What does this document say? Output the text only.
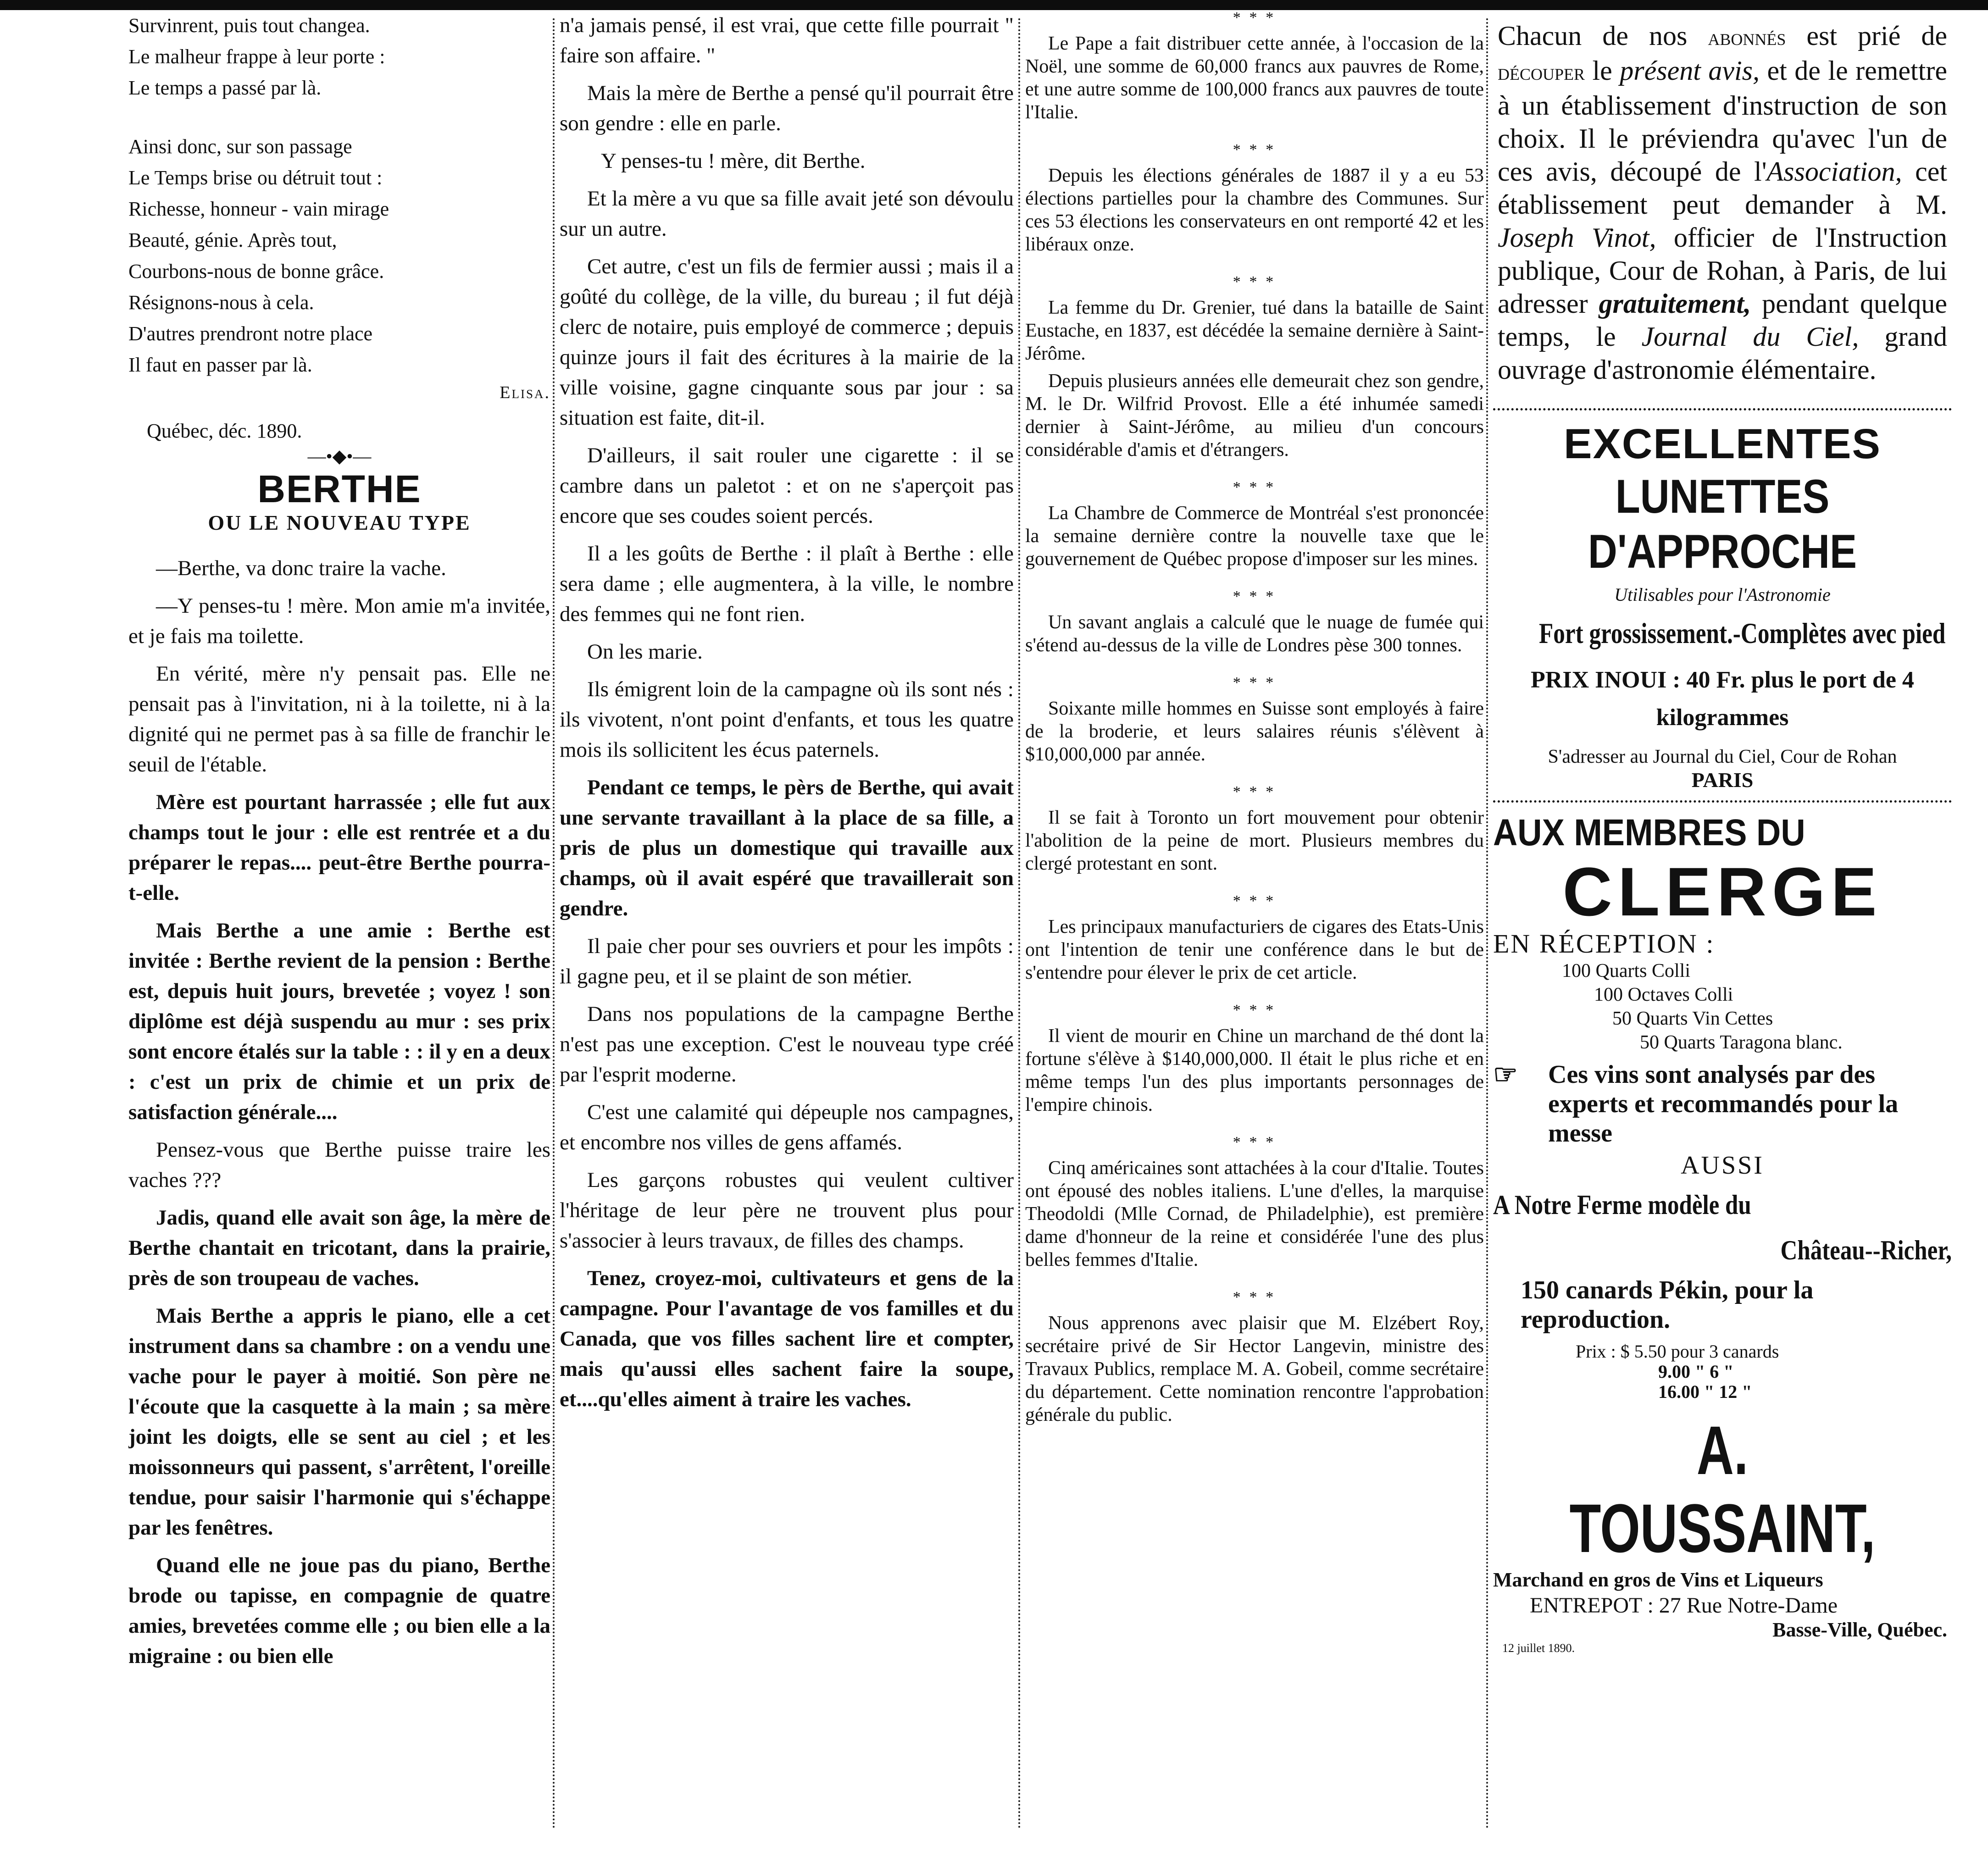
Survinrent, puis tout changea.
Le malheur frappe à leur porte :
Le temps a passé par là.
Ainsi donc, sur son passage
Le Temps brise ou détruit tout :
Richesse, honneur - vain mirage
Beauté, génie. Après tout,
Courbons-nous de bonne grâce.
Résignons-nous à cela.
D'autres prendront notre place
Il faut en passer par là.
Elisa.
Québec, déc. 1890.
—•◆•—
BERTHE
OU LE NOUVEAU TYPE

—Berthe, va donc traire la vache.

—Y penses-tu ! mère. Mon amie m'a invitée, et je fais ma toilette.

En vérité, mère n'y pensait pas. Elle ne pensait pas à l'invitation, ni à la toilette, ni à la dignité qui ne permet pas à sa fille de franchir le seuil de l'étable.

Mère est pourtant harrassée ; elle fut aux champs tout le jour : elle est rentrée et a du préparer le repas.... peut-être Berthe pourra-t-elle.

Mais Berthe a une amie : Berthe est invitée : Berthe revient de la pension : Berthe est, depuis huit jours, brevetée ; voyez ! son diplôme est déjà suspendu au mur : ses prix sont encore étalés sur la table : : il y en a deux : c'est un prix de chimie et un prix de satisfaction générale....

Pensez-vous que Berthe puisse traire les vaches ???

Jadis, quand elle avait son âge, la mère de Berthe chantait en tricotant, dans la prairie, près de son troupeau de vaches.

Mais Berthe a appris le piano, elle a cet instrument dans sa chambre : on a vendu une vache pour le payer à moitié. Son père ne l'écoute que la casquette à la main ; sa mère joint les doigts, elle se sent au ciel ; et les moissonneurs qui passent, s'arrêtent, l'oreille tendue, pour saisir l'harmonie qui s'échappe par les fenêtres.

Quand elle ne joue pas du piano, Berthe brode ou tapisse, en compagnie de quatre amies, brevetées comme elle ; ou bien elle a la migraine : ou bien elle

n'a jamais pensé, il est vrai, que cette fille pourrait " faire son affaire. "

Mais la mère de Berthe a pensé qu'il pourrait être son gendre : elle en parle.

Y penses-tu ! mère, dit Berthe.

Et la mère a vu que sa fille avait jeté son dévoulu sur un autre.

Cet autre, c'est un fils de fermier aussi ; mais il a goûté du collège, de la ville, du bureau ; il fut déjà clerc de notaire, puis employé de commerce ; depuis quinze jours il fait des écritures à la mairie de la ville voisine, gagne cinquante sous par jour : sa situation est faite, dit-il.

D'ailleurs, il sait rouler une cigarette : il se cambre dans un paletot : et on ne s'aperçoit pas encore que ses coudes soient percés.

Il a les goûts de Berthe : il plaît à Berthe : elle sera dame ; elle augmentera, à la ville, le nombre des femmes qui ne font rien.

On les marie.

Ils émigrent loin de la campagne où ils sont nés : ils vivotent, n'ont point d'enfants, et tous les quatre mois ils sollicitent les écus paternels.

Pendant ce temps, le pèrs de Berthe, qui avait une servante travaillant à la place de sa fille, a pris de plus un domestique qui travaille aux champs, où il avait espéré que travaillerait son gendre.

Il paie cher pour ses ouvriers et pour les impôts : il gagne peu, et il se plaint de son métier.

Dans nos populations de la campagne Berthe n'est pas une exception. C'est le nouveau type créé par l'esprit moderne.

C'est une calamité qui dépeuple nos campagnes, et encombre nos villes de gens affamés.

Les garçons robustes qui veulent cultiver l'héritage de leur père ne trouvent plus pour s'associer à leurs travaux, de filles des champs.

Tenez, croyez-moi, cultivateurs et gens de la campagne. Pour l'avantage de vos familles et du Canada, que vos filles sachent lire et compter, mais qu'aussi elles sachent faire la soupe, et....qu'elles aiment à traire les vaches.

* * *

Le Pape a fait distribuer cette année, à l'occasion de la Noël, une somme de 60,000 francs aux pauvres de Rome, et une autre somme de 100,000 francs aux pauvres de toute l'Italie.

* * *

Depuis les élections générales de 1887 il y a eu 53 élections partielles pour la chambre des Communes. Sur ces 53 élections les conservateurs en ont remporté 42 et les libéraux onze.

* * *

La femme du Dr. Grenier, tué dans la bataille de Saint Eustache, en 1837, est décédée la semaine dernière à Saint-Jérôme.

Depuis plusieurs années elle demeurait chez son gendre, M. le Dr. Wilfrid Provost. Elle a été inhumée samedi dernier à Saint-Jérôme, au milieu d'un concours considérable d'amis et d'étrangers.

* * *

La Chambre de Commerce de Montréal s'est prononcée la semaine dernière contre la nouvelle taxe que le gouvernement de Québec propose d'imposer sur les mines.

* * *

Un savant anglais a calculé que le nuage de fumée qui s'étend au-dessus de la ville de Londres pèse 300 tonnes.

* * *

Soixante mille hommes en Suisse sont employés à faire de la broderie, et leurs salaires réunis s'élèvent à $10,000,000 par année.

* * *

Il se fait à Toronto un fort mouvement pour obtenir l'abolition de la peine de mort. Plusieurs membres du clergé protestant en sont.

* * *

Les principaux manufacturiers de cigares des Etats-Unis ont l'intention de tenir une conférence dans le but de s'entendre pour élever le prix de cet article.

* * *

Il vient de mourir en Chine un marchand de thé dont la fortune s'élève à $140,000,000. Il était le plus riche et en même temps l'un des plus importants personnages de l'empire chinois.

* * *

Cinq américaines sont attachées à la cour d'Italie. Toutes ont épousé des nobles italiens. L'une d'elles, la marquise Theodoldi (Mlle Cornad, de Philadelphie), est première dame d'honneur de la reine et considérée l'une des plus belles femmes d'Italie.

* * *

Nous apprenons avec plaisir que M. Elzébert Roy, secrétaire privé de Sir Hector Langevin, ministre des Travaux Publics, remplace M. A. Gobeil, comme secrétaire du département. Cette nomination rencontre l'approbation générale du public.

Chacun de nos abonnés est prié de découper le présent avis, et de le remettre à un établissement d'instruction de son choix. Il le préviendra qu'avec l'un de ces avis, découpé de l'Association, cet établissement peut demander à M. Joseph Vinot, officier de l'Instruction publique, Cour de Rohan, à Paris, de lui adresser gratuitement, pendant quelque temps, le Journal du Ciel, grand ouvrage d'astronomie élémentaire.
EXCELLENTES
LUNETTES D'APPROCHE
Utilisables pour l'Astronomie
Fort grossissement.-Complètes avec pied
PRIX INOUI : 40 Fr. plus le port de 4 kilogrammes
S'adresser au Journal du Ciel, Cour de Rohan
PARIS
AUX MEMBRES DU
CLERGE
EN RÉCEPTION :
100 Quarts Colli
100 Octaves Colli
50 Quarts Vin Cettes
50 Quarts Taragona blanc.
☞	Ces vins sont analysés par des experts et recommandés pour la messe
AUSSI
A Notre Ferme modèle du
Château--Richer,
150 canards Pékin, pour la reproduction.
Prix : $ 5.50 pour 3 canards
9.00 " 6 "
16.00 " 12 "
A. TOUSSAINT,
Marchand en gros de Vins et Liqueurs
ENTREPOT : 27 Rue Notre-Dame
Basse-Ville, Québec.
12 juillet 1890.
